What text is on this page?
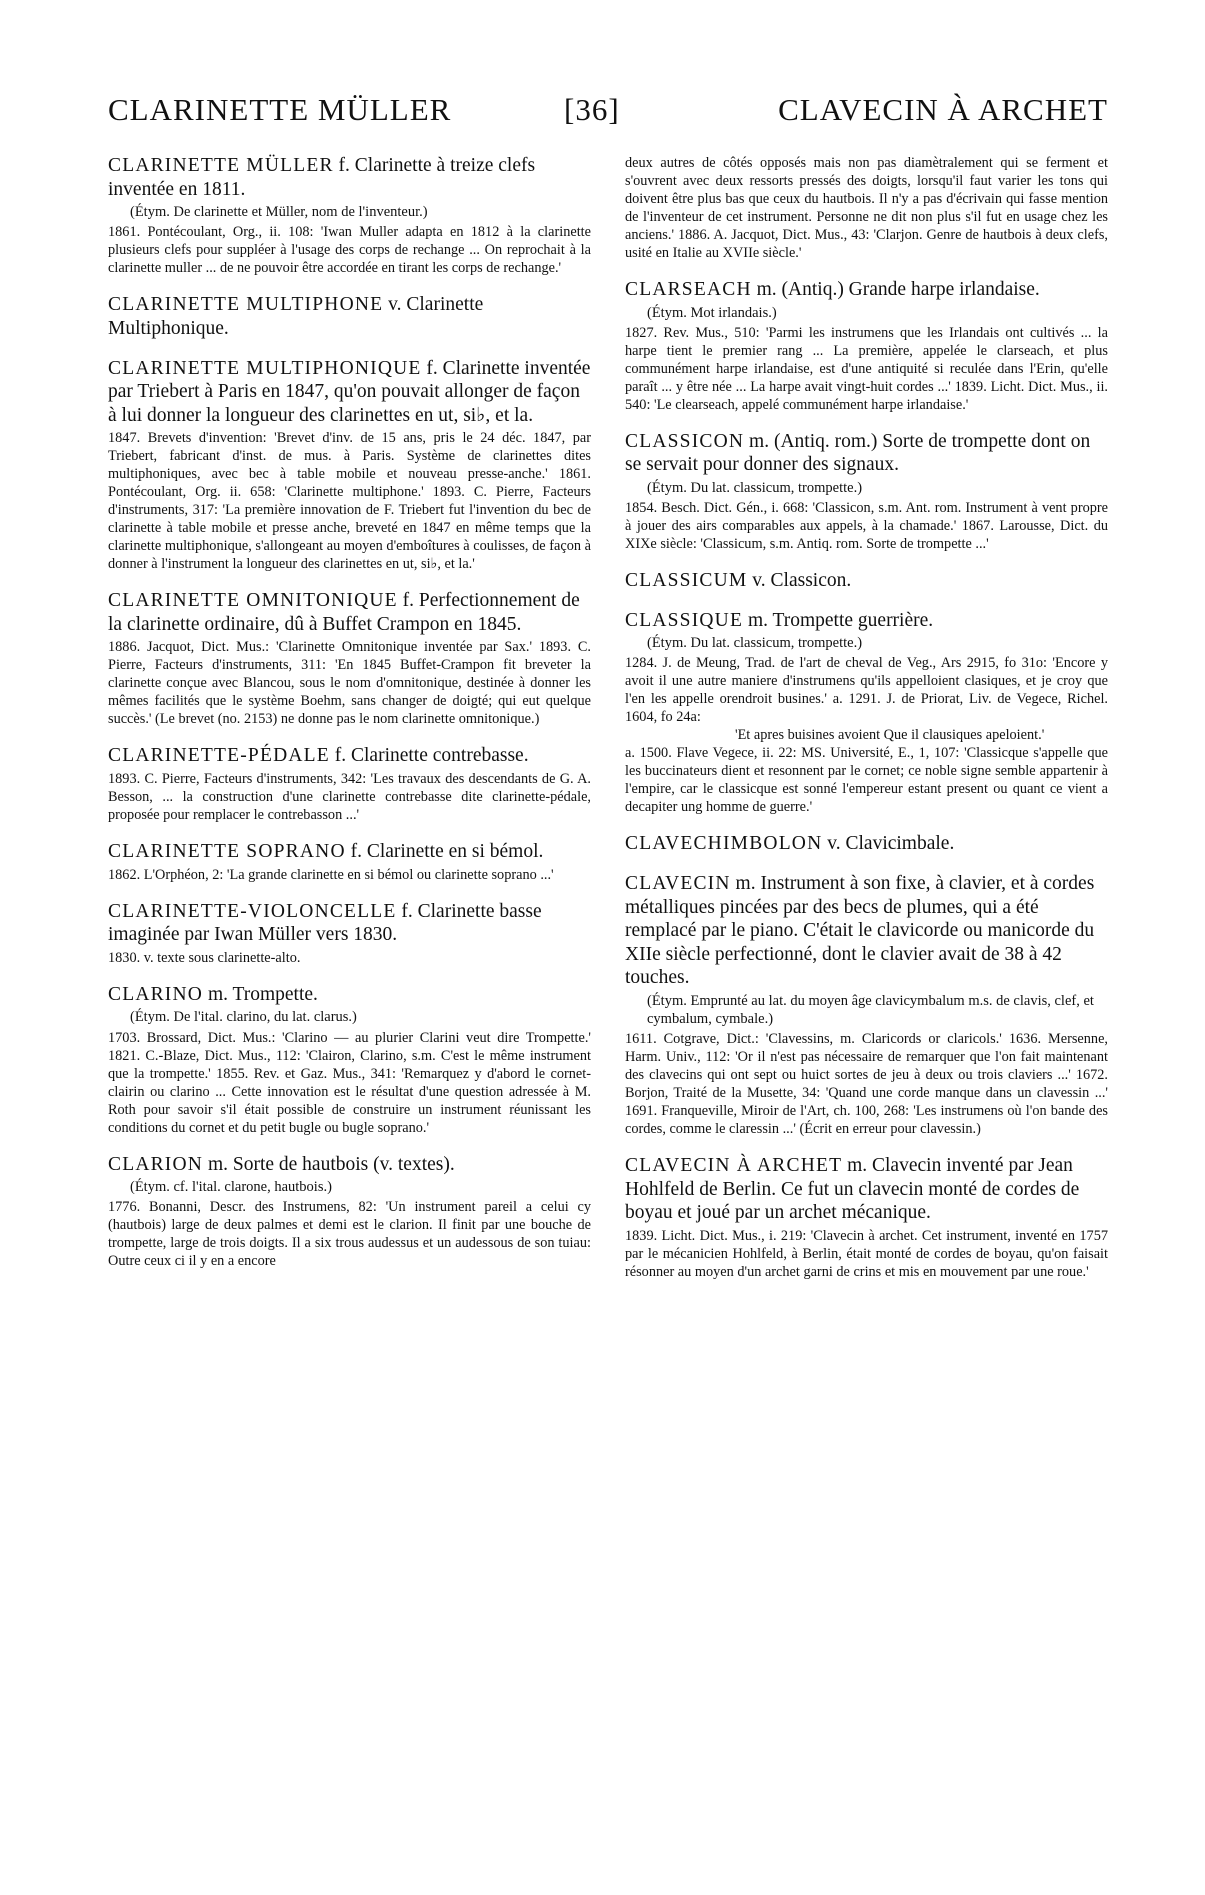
CLARINETTE MÜLLER	[36]	CLAVECIN À ARCHET

CLARINETTE MÜLLER f. Clarinette à treize clefs inventée en 1811.

(Étym. De clarinette et Müller, nom de l'inventeur.)

1861. Pontécoulant, Org., ii. 108: 'Iwan Muller adapta en 1812 à la clarinette plusieurs clefs pour suppléer à l'usage des corps de rechange ... On reprochait à la clarinette muller ... de ne pouvoir être accordée en tirant les corps de rechange.'

CLARINETTE MULTIPHONE v. Clarinette Multiphonique.

CLARINETTE MULTIPHONIQUE f. Clarinette inventée par Triebert à Paris en 1847, qu'on pouvait allonger de façon à lui donner la longueur des clarinettes en ut, si♭, et la.

1847. Brevets d'invention: 'Brevet d'inv. de 15 ans, pris le 24 déc. 1847, par Triebert, fabricant d'inst. de mus. à Paris. Système de clarinettes dites multiphoniques, avec bec à table mobile et nouveau presse-anche.' 1861. Pontécoulant, Org. ii. 658: 'Clarinette multiphone.' 1893. C. Pierre, Facteurs d'instruments, 317: 'La première innovation de F. Triebert fut l'invention du bec de clarinette à table mobile et presse anche, breveté en 1847 en même temps que la clarinette multiphonique, s'allongeant au moyen d'emboîtures à coulisses, de façon à donner à l'instrument la longueur des clarinettes en ut, si♭, et la.'

CLARINETTE OMNITONIQUE f. Perfectionnement de la clarinette ordinaire, dû à Buffet Crampon en 1845.

1886. Jacquot, Dict. Mus.: 'Clarinette Omnitonique inventée par Sax.' 1893. C. Pierre, Facteurs d'instruments, 311: 'En 1845 Buffet-Crampon fit breveter la clarinette conçue avec Blancou, sous le nom d'omnitonique, destinée à donner les mêmes facilités que le système Boehm, sans changer de doigté; qui eut quelque succès.' (Le brevet (no. 2153) ne donne pas le nom clarinette omnitonique.)

CLARINETTE-PÉDALE f. Clarinette contrebasse.

1893. C. Pierre, Facteurs d'instruments, 342: 'Les travaux des descendants de G. A. Besson, ... la construction d'une clarinette contrebasse dite clarinette-pédale, proposée pour remplacer le contrebasson ...'

CLARINETTE SOPRANO f. Clarinette en si bémol.

1862. L'Orphéon, 2: 'La grande clarinette en si bémol ou clarinette soprano ...'

CLARINETTE-VIOLONCELLE f. Clarinette basse imaginée par Iwan Müller vers 1830.

1830. v. texte sous clarinette-alto.

CLARINO m. Trompette.

(Étym. De l'ital. clarino, du lat. clarus.)

1703. Brossard, Dict. Mus.: 'Clarino — au plurier Clarini veut dire Trompette.' 1821. C.-Blaze, Dict. Mus., 112: 'Clairon, Clarino, s.m. C'est le même instrument que la trompette.' 1855. Rev. et Gaz. Mus., 341: 'Remarquez y d'abord le cornet-clairin ou clarino ... Cette innovation est le résultat d'une question adressée à M. Roth pour savoir s'il était possible de construire un instrument réunissant les conditions du cornet et du petit bugle ou bugle soprano.'

CLARION m. Sorte de hautbois (v. textes).

(Étym. cf. l'ital. clarone, hautbois.)

1776. Bonanni, Descr. des Instrumens, 82: 'Un instrument pareil a celui cy (hautbois) large de deux palmes et demi est le clarion. Il finit par une bouche de trompette, large de trois doigts. Il a six trous audessus et un audessous de son tuiau: Outre ceux ci il y en a encore

deux autres de côtés opposés mais non pas diamètralement qui se ferment et s'ouvrent avec deux ressorts pressés des doigts, lorsqu'il faut varier les tons qui doivent être plus bas que ceux du hautbois. Il n'y a pas d'écrivain qui fasse mention de l'inventeur de cet instrument. Personne ne dit non plus s'il fut en usage chez les anciens.' 1886. A. Jacquot, Dict. Mus., 43: 'Clarjon. Genre de hautbois à deux clefs, usité en Italie au XVIIe siècle.'

CLARSEACH m. (Antiq.) Grande harpe irlandaise.

(Étym. Mot irlandais.)

1827. Rev. Mus., 510: 'Parmi les instrumens que les Irlandais ont cultivés ... la harpe tient le premier rang ... La première, appelée le clarseach, et plus communément harpe irlandaise, est d'une antiquité si reculée dans l'Erin, qu'elle paraît ... y être née ... La harpe avait vingt-huit cordes ...' 1839. Licht. Dict. Mus., ii. 540: 'Le clearseach, appelé communément harpe irlandaise.'

CLASSICON m. (Antiq. rom.) Sorte de trompette dont on se servait pour donner des signaux.

(Étym. Du lat. classicum, trompette.)

1854. Besch. Dict. Gén., i. 668: 'Classicon, s.m. Ant. rom. Instrument à vent propre à jouer des airs comparables aux appels, à la chamade.' 1867. Larousse, Dict. du XIXe siècle: 'Classicum, s.m. Antiq. rom. Sorte de trompette ...'

CLASSICUM v. Classicon.

CLASSIQUE m. Trompette guerrière.

(Étym. Du lat. classicum, trompette.)

1284. J. de Meung, Trad. de l'art de cheval de Veg., Ars 2915, fo 31o: 'Encore y avoit il une autre maniere d'instrumens qu'ils appelloient clasiques, et je croy que l'en les appelle orendroit busines.' a. 1291. J. de Priorat, Liv. de Vegece, Richel. 1604, fo 24a:

'Et apres buisines avoient Que il clausiques apeloient.'

a. 1500. Flave Vegece, ii. 22: MS. Université, E., 1, 107: 'Classicque s'appelle que les buccinateurs dient et resonnent par le cornet; ce noble signe semble appartenir à l'empire, car le classicque est sonné l'empereur estant present ou quant ce vient a decapiter ung homme de guerre.'

CLAVECHIMBOLON v. Clavicimbale.

CLAVECIN m. Instrument à son fixe, à clavier, et à cordes métalliques pincées par des becs de plumes, qui a été remplacé par le piano. C'était le clavicorde ou manicorde du XIIe siècle perfectionné, dont le clavier avait de 38 à 42 touches.

(Étym. Emprunté au lat. du moyen âge clavicymbalum m.s. de clavis, clef, et cymbalum, cymbale.)

1611. Cotgrave, Dict.: 'Clavessins, m. Claricords or claricols.' 1636. Mersenne, Harm. Univ., 112: 'Or il n'est pas nécessaire de remarquer que l'on fait maintenant des clavecins qui ont sept ou huict sortes de jeu à deux ou trois claviers ...' 1672. Borjon, Traité de la Musette, 34: 'Quand une corde manque dans un clavessin ...' 1691. Franqueville, Miroir de l'Art, ch. 100, 268: 'Les instrumens où l'on bande des cordes, comme le claressin ...' (Écrit en erreur pour clavessin.)

CLAVECIN À ARCHET m. Clavecin inventé par Jean Hohlfeld de Berlin. Ce fut un clavecin monté de cordes de boyau et joué par un archet mécanique.

1839. Licht. Dict. Mus., i. 219: 'Clavecin à archet. Cet instrument, inventé en 1757 par le mécanicien Hohlfeld, à Berlin, était monté de cordes de boyau, qu'on faisait résonner au moyen d'un archet garni de crins et mis en mouvement par une roue.'
